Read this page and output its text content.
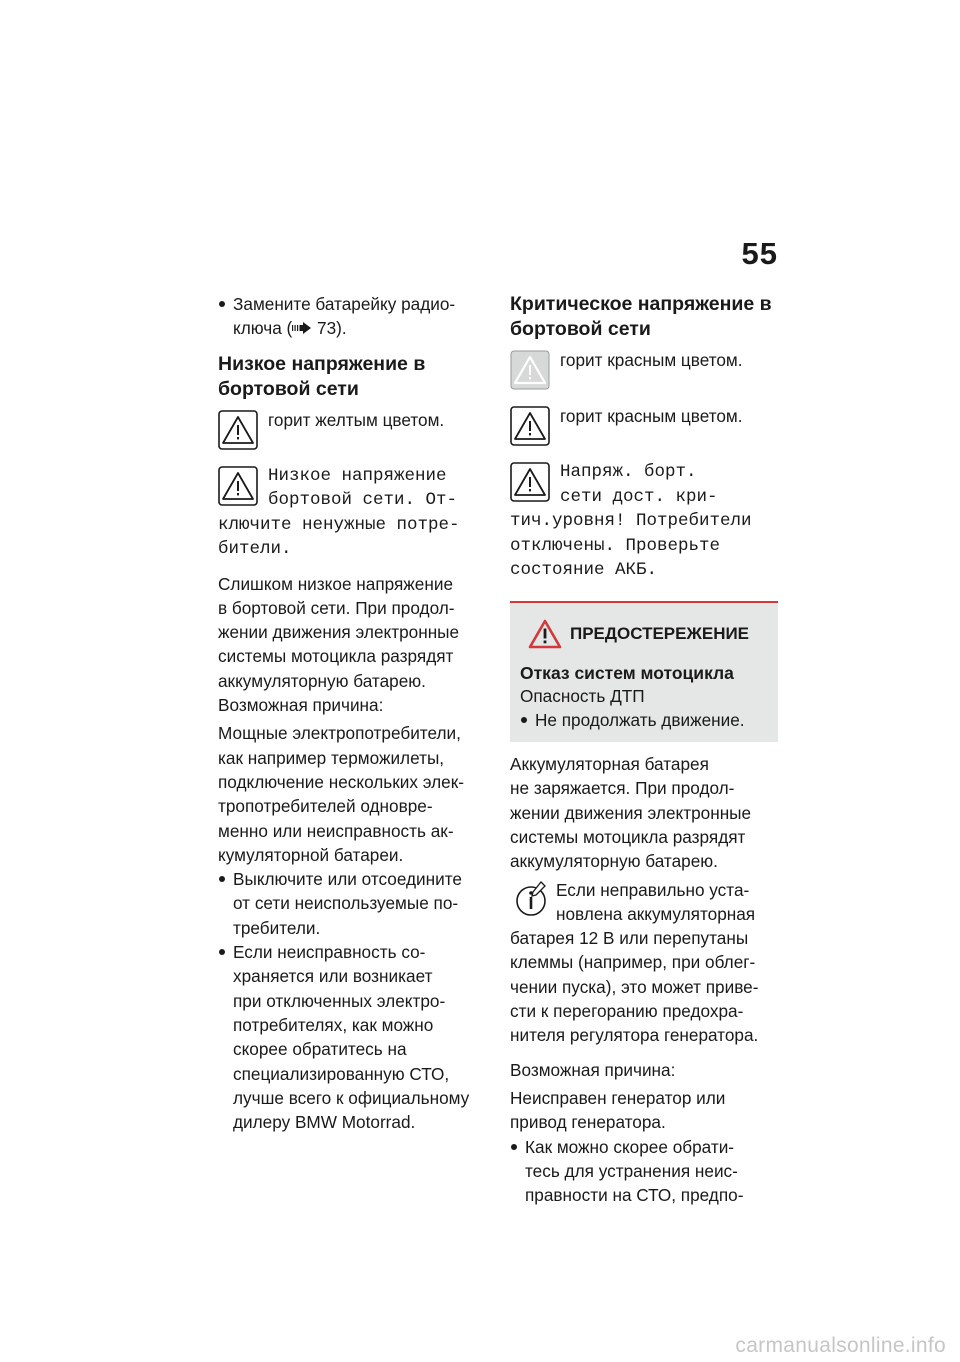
55
Замените батарейку радио-
ключа ( 73).
Низкое напряжение в
бортовой сети
горит желтым цветом.
Низкое напряжение
бортовой сети. От-
ключите ненужные потре-
бители.
Слишком низкое напряжение
в бортовой сети. При продол-
жении движения электронные
системы мотоцикла разрядят
аккумуляторную батарею.
Возможная причина:
Мощные электропотребители,
как например терможилеты,
подключение нескольких элек-
тропотребителей одновре-
менно или неисправность ак-
кумуляторной батареи.
Выключите или отсоедините
от сети неиспользуемые по-
требители.
Если неисправность со-
храняется или возникает
при отключенных электро-
потребителях, как можно
скорее обратитесь на
специализированную СТО,
лучше всего к официальному
дилеру BMW Motorrad.
Критическое напряжение в
бортовой сети
горит красным цветом.
горит красным цветом.
Напряж. борт.
сети дост. кри-
тич.уровня! Потребители
отключены. Проверьте
состояние АКБ.
ПРЕДОСТЕРЕЖЕНИЕ
Отказ систем мотоцикла
Опасность ДТП
Не продолжать движение.
Аккумуляторная батарея
не заряжается. При продол-
жении движения электронные
системы мотоцикла разрядят
аккумуляторную батарею.
Если неправильно уста-
новлена аккумуляторная
батарея 12 В или перепутаны
клеммы (например, при облег-
чении пуска), это может приве-
сти к перегоранию предохра-
нителя регулятора генератора.
Возможная причина:
Неисправен генератор или
привод генератора.
Как можно скорее обрати-
тесь для устранения неис-
правности на СТО, предпо-
carmanualsonline.info
